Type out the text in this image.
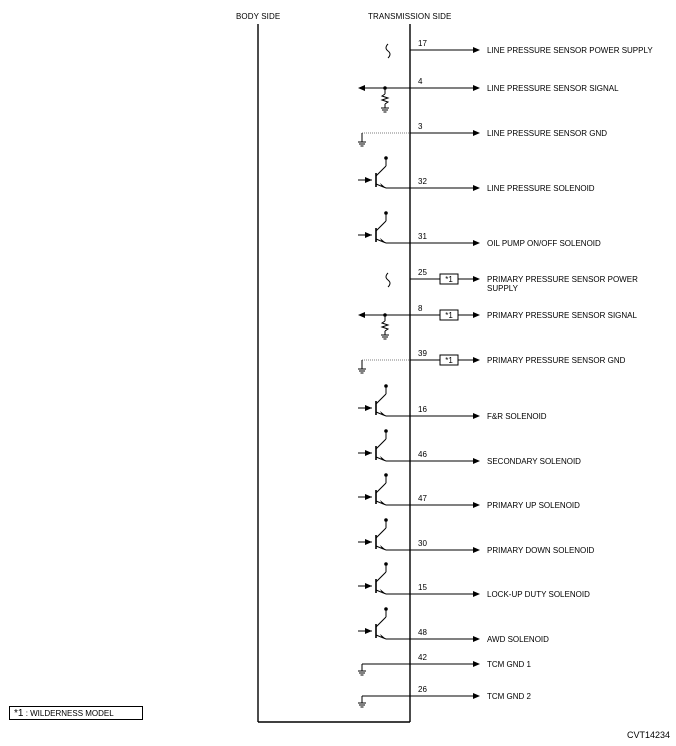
BODY SIDE	TRANSMISSION SIDE
17
LINE PRESSURE SENSOR POWER SUPPLY
4
LINE PRESSURE SENSOR SIGNAL
3
LINE PRESSURE SENSOR GND
32
LINE PRESSURE SOLENOID
31
OIL PUMP ON/OFF SOLENOID
25
*1	PRIMARY PRESSURE SENSOR POWER
SUPPLY
8
*1	PRIMARY PRESSURE SENSOR SIGNAL
39
*1	PRIMARY PRESSURE SENSOR GND
16
F&R SOLENOID
46
SECONDARY SOLENOID
47
PRIMARY UP SOLENOID
30
PRIMARY DOWN SOLENOID
15
LOCK-UP DUTY SOLENOID
48
AWD SOLENOID
42
TCM GND 1
26
TCM GND 2
*1 : WILDERNESS MODEL
CVT14234
